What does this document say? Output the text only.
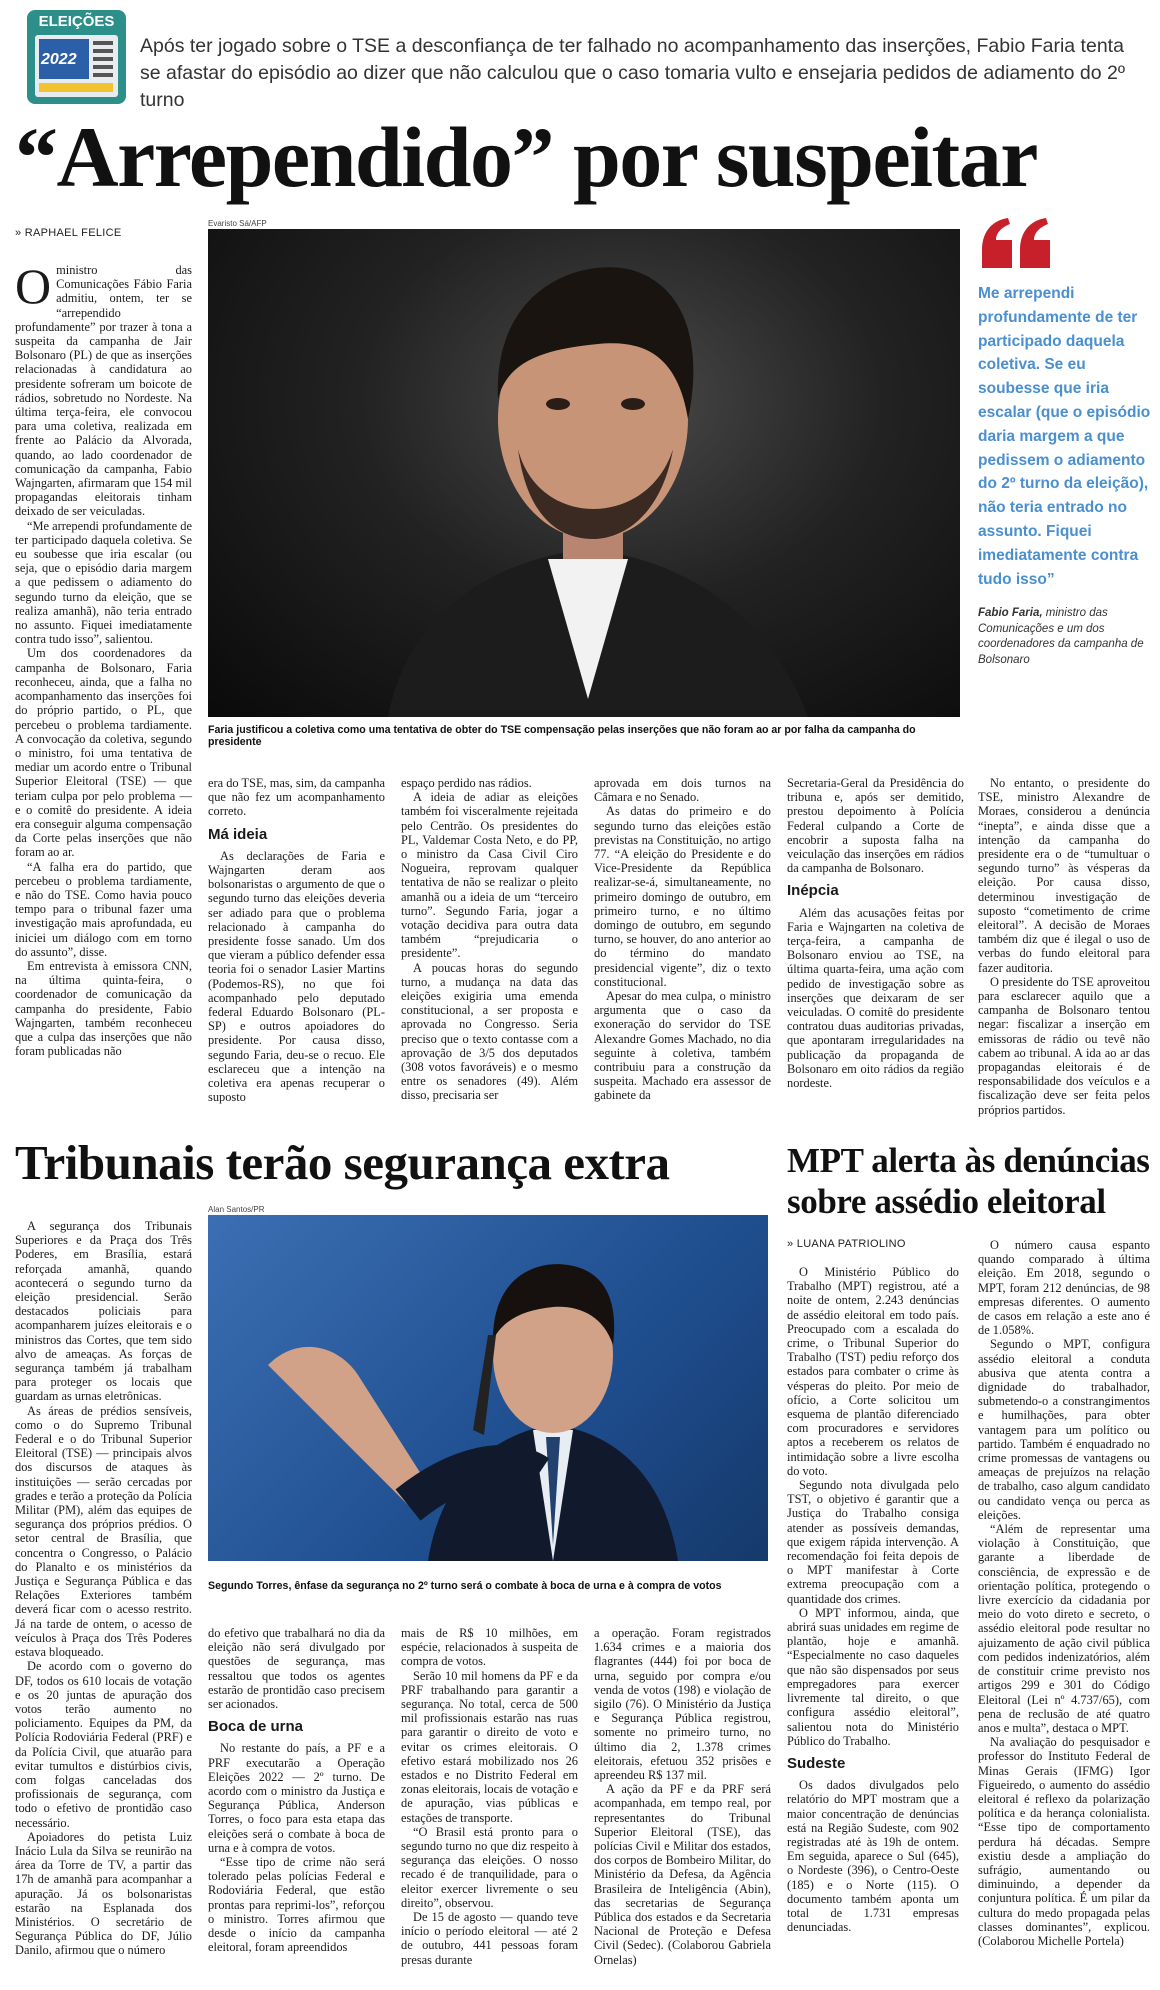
ELEIÇÕES
2022
Após ter jogado sobre o TSE a desconfiança de ter falhado no acompanhamento das inserções, Fabio Faria tenta se afastar do episódio ao dizer que não calculou que o caso tomaria vulto e ensejaria pedidos de adiamento do 2º turno
“Arrependido” por suspeitar
» RAPHAEL FELICE
Evaristo Sá/AFP
Faria justificou a coletiva como uma tentativa de obter do TSE compensação pelas inserções que não foram ao ar por falha da campanha do presidente

Oministro das Comunicações Fábio Faria admitiu, ontem, ter se “arrependido profundamente” por trazer à tona a suspeita da campanha de Jair Bolsonaro (PL) de que as inserções relacionadas à candidatura ao presidente sofreram um boicote de rádios, sobretudo no Nordeste. Na última terça-feira, ele convocou para uma coletiva, realizada em frente ao Palácio da Alvorada, quando, ao lado coordenador de comunicação da campanha, Fabio Wajngarten, afirmaram que 154 mil propagandas eleitorais tinham deixado de ser veiculadas.

“Me arrependi profundamente de ter participado daquela coletiva. Se eu soubesse que iria escalar (ou seja, que o episódio daria margem a que pedissem o adiamento do segundo turno da eleição, que se realiza amanhã), não teria entrado no assunto. Fiquei imediatamente contra tudo isso”, salientou.

Um dos coordenadores da campanha de Bolsonaro, Faria reconheceu, ainda, que a falha no acompanhamento das inserções foi do próprio partido, o PL, que percebeu o problema tardiamente. A convocação da coletiva, segundo o ministro, foi uma tentativa de mediar um acordo entre o Tribunal Superior Eleitoral (TSE) — que teriam culpa por pelo problema — e o comitê do presidente. A ideia era conseguir alguma compensação da Corte pelas inserções que não foram ao ar.

“A falha era do partido, que percebeu o problema tardiamente, e não do TSE. Como havia pouco tempo para o tribunal fazer uma investigação mais aprofundada, eu iniciei um diálogo com em torno do assunto”, disse.

Em entrevista à emissora CNN, na última quinta-feira, o coordenador de comunicação da campanha do presidente, Fabio Wajngarten, também reconheceu que a culpa das inserções que não foram publicadas não

era do TSE, mas, sim, da campanha que não fez um acompanhamento correto.

Má ideia

As declarações de Faria e Wajngarten deram aos bolsonaristas o argumento de que o segundo turno das eleições deveria ser adiado para que o problema relacionado à campanha do presidente fosse sanado. Um dos que vieram a público defender essa teoria foi o senador Lasier Martins (Podemos-RS), no que foi acompanhado pelo deputado federal Eduardo Bolsonaro (PL-SP) e outros apoiadores do presidente. Por causa disso, segundo Faria, deu-se o recuo. Ele esclareceu que a intenção na coletiva era apenas recuperar o suposto

espaço perdido nas rádios.

A ideia de adiar as eleições também foi visceralmente rejeitada pelo Centrão. Os presidentes do PL, Valdemar Costa Neto, e do PP, o ministro da Casa Civil Ciro Nogueira, reprovam qualquer tentativa de não se realizar o pleito amanhã ou a ideia de um “terceiro turno”. Segundo Faria, jogar a votação decidiva para outra data também “prejudicaria o presidente”.

A poucas horas do segundo turno, a mudança na data das eleições exigiria uma emenda constitucional, a ser proposta e aprovada no Congresso. Seria preciso que o texto contasse com a aprovação de 3/5 dos deputados (308 votos favoráveis) e o mesmo entre os senadores (49). Além disso, precisaria ser

aprovada em dois turnos na Câmara e no Senado.

As datas do primeiro e do segundo turno das eleições estão previstas na Constituição, no artigo 77. “A eleição do Presidente e do Vice-Presidente da República realizar-se-á, simultaneamente, no primeiro domingo de outubro, em primeiro turno, e no último domingo de outubro, em segundo turno, se houver, do ano anterior ao do término do mandato presidencial vigente”, diz o texto constitucional.

Apesar do mea culpa, o ministro argumenta que o caso da exoneração do servidor do TSE Alexandre Gomes Machado, no dia seguinte à coletiva, também contribuiu para a construção da suspeita. Machado era assessor de gabinete da

Secretaria-Geral da Presidência do tribuna e, após ser demitido, prestou depoimento à Polícia Federal culpando a Corte de encobrir a suposta falha na veiculação das inserções em rádios da campanha de Bolsonaro.

Inépcia

Além das acusações feitas por Faria e Wajngarten na coletiva de terça-feira, a campanha de Bolsonaro enviou ao TSE, na última quarta-feira, uma ação com pedido de investigação sobre as inserções que deixaram de ser veiculadas. O comitê do presidente contratou duas auditorias privadas, que apontaram irregularidades na publicação da propaganda de Bolsonaro em oito rádios da região nordeste.

No entanto, o presidente do TSE, ministro Alexandre de Moraes, considerou a denúncia “inepta”, e ainda disse que a intenção da campanha do presidente era o de “tumultuar o segundo turno” às vésperas da eleição. Por causa disso, determinou investigação de suposto “cometimento de crime eleitoral”. A decisão de Moraes também diz que é ilegal o uso de verbas do fundo eleitoral para fazer auditoria.

O presidente do TSE aproveitou para esclarecer aquilo que a campanha de Bolsonaro tentou negar: fiscalizar a inserção em emissoras de rádio ou tevê não cabem ao tribunal. A ida ao ar das propagandas eleitorais é de responsabilidade dos veículos e a fiscalização deve ser feita pelos próprios partidos.

Me arrependi profundamente de ter participado daquela coletiva. Se eu soubesse que iria escalar (que o episódio daria margem a que pedissem o adiamento do 2º turno da eleição), não teria entrado no assunto. Fiquei imediatamente contra tudo isso”
Fabio Faria, ministro das Comunicações e um dos coordenadores da campanha de Bolsonaro
Tribunais terão segurança extra
Alan Santos/PR
Segundo Torres, ênfase da segurança no 2º turno será o combate à boca de urna e à compra de votos

A segurança dos Tribunais Superiores e da Praça dos Três Poderes, em Brasília, estará reforçada amanhã, quando acontecerá o segundo turno da eleição presidencial. Serão destacados policiais para acompanharem juízes eleitorais e o ministros das Cortes, que tem sido alvo de ameaças. As forças de segurança também já trabalham para proteger os locais que guardam as urnas eletrônicas.

As áreas de prédios sensíveis, como o do Supremo Tribunal Federal e o do Tribunal Superior Eleitoral (TSE) — principais alvos dos discursos de ataques às instituições — serão cercadas por grades e terão a proteção da Polícia Militar (PM), além das equipes de segurança dos próprios prédios. O setor central de Brasília, que concentra o Congresso, o Palácio do Planalto e os ministérios da Justiça e Segurança Pública e das Relações Exteriores também deverá ficar com o acesso restrito. Já na tarde de ontem, o acesso de veículos à Praça dos Três Poderes estava bloqueado.

De acordo com o governo do DF, todos os 610 locais de votação e os 20 juntas de apuração dos votos terão aumento no policiamento. Equipes da PM, da Polícia Rodoviária Federal (PRF) e da Polícia Civil, que atuarão para evitar tumultos e distúrbios civis, com folgas canceladas dos profissionais de segurança, com todo o efetivo de prontidão caso necessário.

Apoiadores do petista Luiz Inácio Lula da Silva se reunirão na área da Torre de TV, a partir das 17h de amanhã para acompanhar a apuração. Já os bolsonaristas estarão na Esplanada dos Ministérios. O secretário de Segurança Pública do DF, Júlio Danilo, afirmou que o número

do efetivo que trabalhará no dia da eleição não será divulgado por questões de segurança, mas ressaltou que todos os agentes estarão de prontidão caso precisem ser acionados.

Boca de urna

No restante do país, a PF e a PRF executarão a Operação Eleições 2022 — 2º turno. De acordo com o ministro da Justiça e Segurança Pública, Anderson Torres, o foco para esta etapa das eleições será o combate à boca de urna e à compra de votos.

“Esse tipo de crime não será tolerado pelas polícias Federal e Rodoviária Federal, que estão prontas para reprimi-los”, reforçou o ministro. Torres afirmou que desde o início da campanha eleitoral, foram apreendidos

mais de R$ 10 milhões, em espécie, relacionados à suspeita de compra de votos.

Serão 10 mil homens da PF e da PRF trabalhando para garantir a segurança. No total, cerca de 500 mil profissionais estarão nas ruas para garantir o direito de voto e evitar os crimes eleitorais. O efetivo estará mobilizado nos 26 estados e no Distrito Federal em zonas eleitorais, locais de votação e de apuração, vias públicas e estações de transporte.

“O Brasil está pronto para o segundo turno no que diz respeito à segurança das eleições. O nosso recado é de tranquilidade, para o eleitor exercer livremente o seu direito”, observou.

De 15 de agosto — quando teve início o período eleitoral — até 2 de outubro, 441 pessoas foram presas durante

a operação. Foram registrados 1.634 crimes e a maioria dos flagrantes (444) foi por boca de urna, seguido por compra e/ou venda de votos (198) e violação de sigilo (76). O Ministério da Justiça e Segurança Pública registrou, somente no primeiro turno, no último dia 2, 1.378 crimes eleitorais, efetuou 352 prisões e apreendeu R$ 137 mil.

A ação da PF e da PRF será acompanhada, em tempo real, por representantes do Tribunal Superior Eleitoral (TSE), das polícias Civil e Militar dos estados, dos corpos de Bombeiro Militar, do Ministério da Defesa, da Agência Brasileira de Inteligência (Abin), das secretarias de Segurança Pública dos estados e da Secretaria Nacional de Proteção e Defesa Civil (Sedec). (Colaborou Gabriela Ornelas)

MPT alerta às denúncias sobre assédio eleitoral
» LUANA PATRIOLINO

O Ministério Público do Trabalho (MPT) registrou, até a noite de ontem, 2.243 denúncias de assédio eleitoral em todo país. Preocupado com a escalada do crime, o Tribunal Superior do Trabalho (TST) pediu reforço dos estados para combater o crime às vésperas do pleito. Por meio de ofício, a Corte solicitou um esquema de plantão diferenciado com procuradores e servidores aptos a receberem os relatos de intimidação sobre a livre escolha do voto.

Segundo nota divulgada pelo TST, o objetivo é garantir que a Justiça do Trabalho consiga atender as possíveis demandas, que exigem rápida intervenção. A recomendação foi feita depois de o MPT manifestar à Corte extrema preocupação com a quantidade dos crimes.

O MPT informou, ainda, que abrirá suas unidades em regime de plantão, hoje e amanhã. “Especialmente no caso daqueles que não são dispensados por seus empregadores para exercer livremente tal direito, o que configura assédio eleitoral”, salientou nota do Ministério Público do Trabalho.

Sudeste

Os dados divulgados pelo relatório do MPT mostram que a maior concentração de denúncias está na Região Sudeste, com 902 registradas até às 19h de ontem. Em seguida, aparece o Sul (645), o Nordeste (396), o Centro-Oeste (185) e o Norte (115). O documento também aponta um total de 1.731 empresas denunciadas.

O número causa espanto quando comparado à última eleição. Em 2018, segundo o MPT, foram 212 denúncias, de 98 empresas diferentes. O aumento de casos em relação a este ano é de 1.058%.

Segundo o MPT, configura assédio eleitoral a conduta abusiva que atenta contra a dignidade do trabalhador, submetendo-o a constrangimentos e humilhações, para obter vantagem para um político ou partido. Também é enquadrado no crime promessas de vantagens ou ameaças de prejuízos na relação de trabalho, caso algum candidato ou candidato vença ou perca as eleições.

“Além de representar uma violação à Constituição, que garante a liberdade de consciência, de expressão e de orientação política, protegendo o livre exercício da cidadania por meio do voto direto e secreto, o assédio eleitoral pode resultar no ajuizamento de ação civil pública com pedidos indenizatórios, além de constituir crime previsto nos artigos 299 e 301 do Código Eleitoral (Lei nº 4.737/65), com pena de reclusão de até quatro anos e multa”, destaca o MPT.

Na avaliação do pesquisador e professor do Instituto Federal de Minas Gerais (IFMG) Igor Figueiredo, o aumento do assédio eleitoral é reflexo da polarização política e da herança colonialista. “Esse tipo de comportamento perdura há décadas. Sempre existiu desde a ampliação do sufrágio, aumentando ou diminuindo, a depender da conjuntura política. É um pilar da cultura do medo propagada pelas classes dominantes”, explicou. (Colaborou Michelle Portela)
